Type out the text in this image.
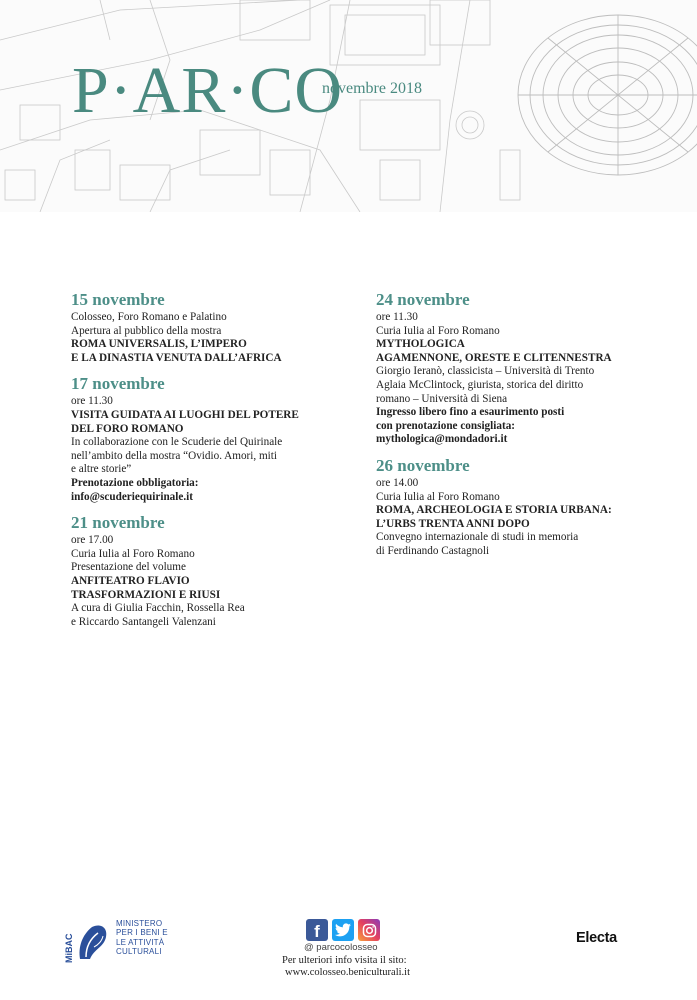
P·AR·CO
novembre 2018
15 novembre
Colosseo, Foro Romano e Palatino
Apertura al pubblico della mostra
ROMA UNIVERSALIS, L’IMPERO
E LA DINASTIA VENUTA DALL’AFRICA
17 novembre
ore 11.30
VISITA GUIDATA AI LUOGHI DEL POTERE
DEL FORO ROMANO
In collaborazione con le Scuderie del Quirinale
nell’ambito della mostra “Ovidio. Amori, miti
e altre storie”
Prenotazione obbligatoria:
info@scuderiequirinale.it
21 novembre
ore 17.00
Curia Iulia al Foro Romano
Presentazione del volume
ANFITEATRO FLAVIO
TRASFORMAZIONI E RIUSI
A cura di Giulia Facchin, Rossella Rea
e Riccardo Santangeli Valenzani
24 novembre
ore 11.30
Curia Iulia al Foro Romano
MYTHOLOGICA
AGAMENNONE, ORESTE E CLITENNESTRA
Giorgio Ieranò, classicista – Università di Trento
Aglaia McClintock, giurista, storica del diritto
romano – Università di Siena
Ingresso libero fino a esaurimento posti
con prenotazione consigliata:
mythologica@mondadori.it
26 novembre
ore 14.00
Curia Iulia al Foro Romano
ROMA, ARCHEOLOGIA E STORIA URBANA:
L’URBS TRENTA ANNI DOPO
Convegno internazionale di studi in memoria
di Ferdinando Castagnoli
MiBAC
MINISTERO
PER I BENI E
LE ATTIVITÀ
CULTURALI
f
@ parcocolosseo
Per ulteriori info visita il sito:
www.colosseo.beniculturali.it
Electa
